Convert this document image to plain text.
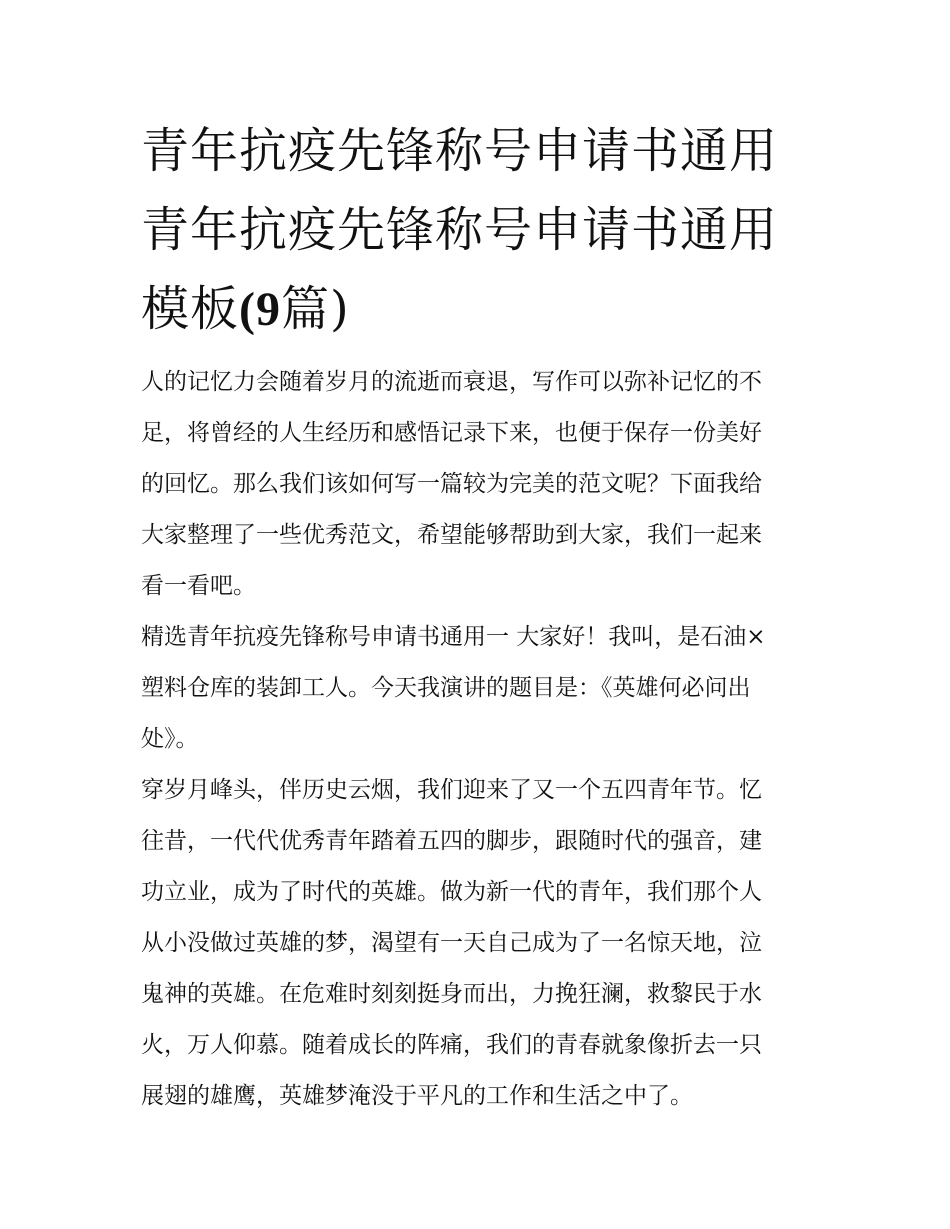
青年抗疫先锋称号申请书通用
青年抗疫先锋称号申请书通用
模板(9篇)

人的记忆力会随着岁月的流逝而衰退，写作可以弥补记忆的不
足，将曾经的人生经历和感悟记录下来，也便于保存一份美好
的回忆。那么我们该如何写一篇较为完美的范文呢？下面我给
大家整理了一些优秀范文，希望能够帮助到大家，我们一起来
看一看吧。

精选青年抗疫先锋称号申请书通用一 大家好！我叫，是石油×
塑料仓库的装卸工人。今天我演讲的题目是：《英雄何必问出
处》。

穿岁月峰头，伴历史云烟，我们迎来了又一个五四青年节。忆
往昔，一代代优秀青年踏着五四的脚步，跟随时代的强音，建
功立业，成为了时代的英雄。做为新一代的青年，我们那个人
从小没做过英雄的梦，渴望有一天自己成为了一名惊天地，泣
鬼神的英雄。在危难时刻刻挺身而出，力挽狂澜，救黎民于水
火，万人仰慕。随着成长的阵痛，我们的青春就象像折去一只
展翅的雄鹰，英雄梦淹没于平凡的工作和生活之中了。
